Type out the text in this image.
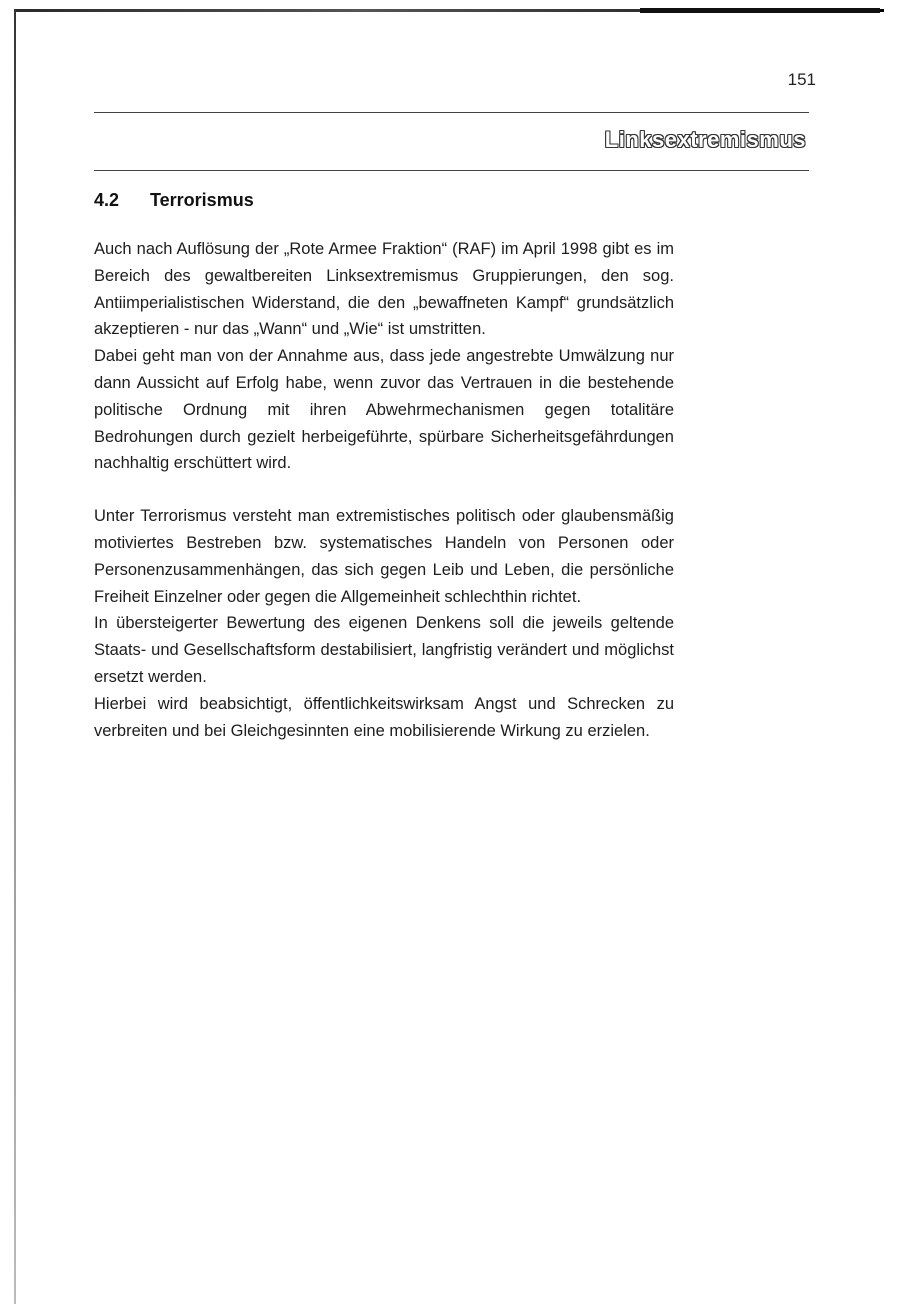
151
Linksextremismus
4.2 Terrorismus

Auch nach Auflösung der „Rote Armee Fraktion“ (RAF) im April 1998 gibt es im Bereich des gewaltbereiten Linksextremismus Gruppierungen, den sog. Antiimperialistischen Widerstand, die den „bewaffneten Kampf“ grundsätzlich akzeptieren - nur das „Wann“ und „Wie“ ist umstritten.

Dabei geht man von der Annahme aus, dass jede angestrebte Umwälzung nur dann Aussicht auf Erfolg habe, wenn zuvor das Vertrauen in die bestehende politische Ordnung mit ihren Abwehrmechanismen gegen totalitäre Bedrohungen durch gezielt herbeigeführte, spürbare Sicherheitsgefährdungen nachhaltig erschüttert wird.

Unter Terrorismus versteht man extremistisches politisch oder glaubensmäßig motiviertes Bestreben bzw. systematisches Handeln von Personen oder Personenzusammenhängen, das sich gegen Leib und Leben, die persönliche Freiheit Einzelner oder gegen die Allgemeinheit schlechthin richtet.

In übersteigerter Bewertung des eigenen Denkens soll die jeweils geltende Staats- und Gesellschaftsform destabilisiert, langfristig verändert und möglichst ersetzt werden.

Hierbei wird beabsichtigt, öffentlichkeitswirksam Angst und Schrecken zu verbreiten und bei Gleichgesinnten eine mobilisierende Wirkung zu erzielen.
